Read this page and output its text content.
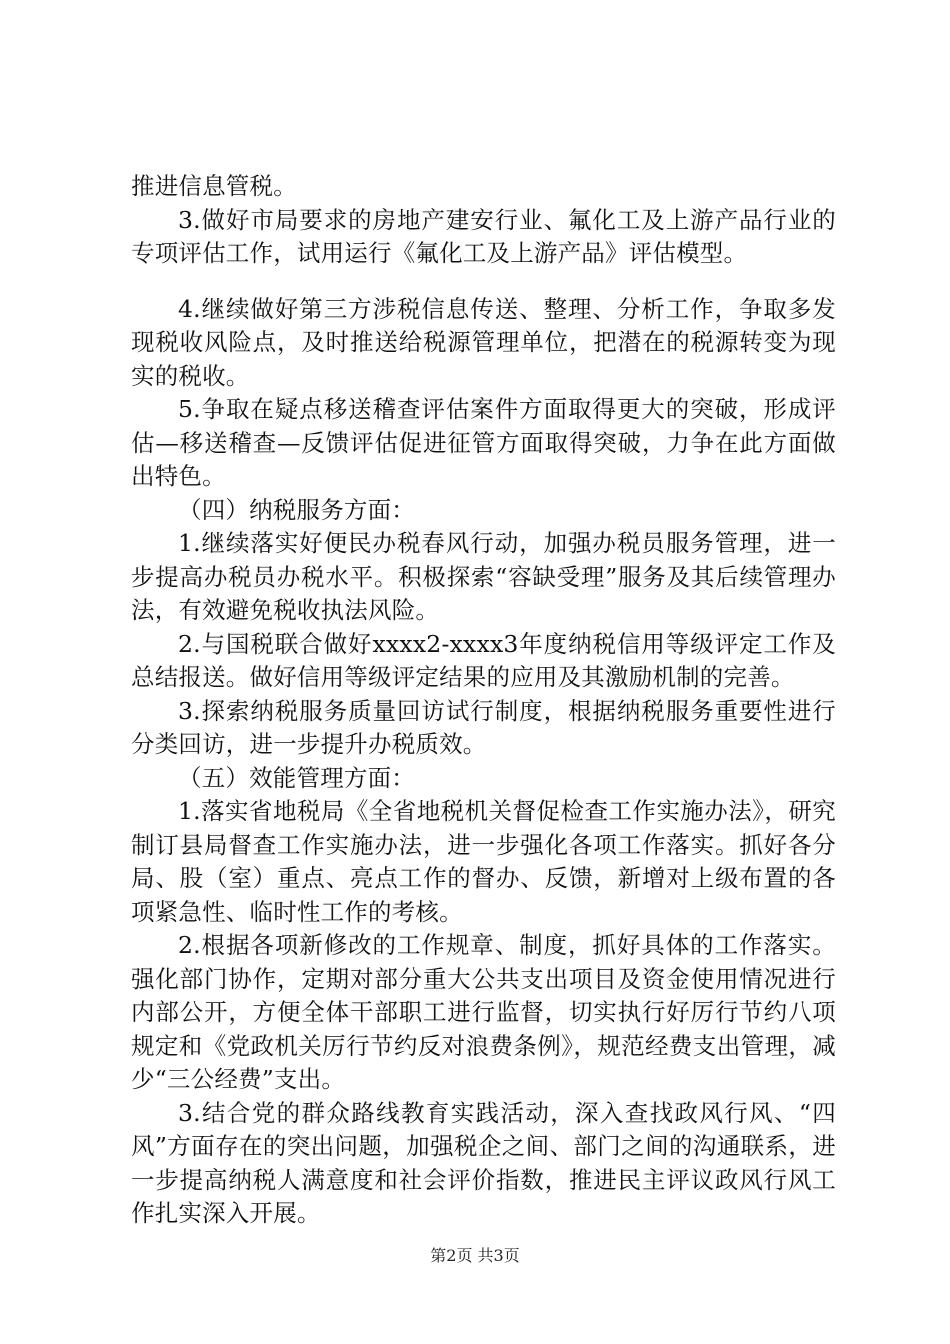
推进信息管税。

3.做好市局要求的房地产建安行业、氟化工及上游产品行业的专项评估工作，试用运行《氟化工及上游产品》评估模型。

4.继续做好第三方涉税信息传送、整理、分析工作，争取多发现税收风险点，及时推送给税源管理单位，把潜在的税源转变为现实的税收。

5.争取在疑点移送稽查评估案件方面取得更大的突破，形成评估—移送稽查—反馈评估促进征管方面取得突破，力争在此方面做出特色。

（四）纳税服务方面：

1.继续落实好便民办税春风行动，加强办税员服务管理，进一步提高办税员办税水平。积极探索“容缺受理”服务及其后续管理办法，有效避免税收执法风险。

2.与国税联合做好xxxx2-xxxx3年度纳税信用等级评定工作及总结报送。做好信用等级评定结果的应用及其激励机制的完善。

3.探索纳税服务质量回访试行制度，根据纳税服务重要性进行分类回访，进一步提升办税质效。

（五）效能管理方面：

1.落实省地税局《全省地税机关督促检查工作实施办法》，研究制订县局督查工作实施办法，进一步强化各项工作落实。抓好各分局、股（室）重点、亮点工作的督办、反馈，新增对上级布置的各项紧急性、临时性工作的考核。

2.根据各项新修改的工作规章、制度，抓好具体的工作落实。强化部门协作，定期对部分重大公共支出项目及资金使用情况进行内部公开，方便全体干部职工进行监督，切实执行好厉行节约八项规定和《党政机关厉行节约反对浪费条例》，规范经费支出管理，减少“三公经费”支出。

3.结合党的群众路线教育实践活动，深入查找政风行风、“四风”方面存在的突出问题，加强税企之间、部门之间的沟通联系，进一步提高纳税人满意度和社会评价指数，推进民主评议政风行风工作扎实深入开展。

第2页 共3页
